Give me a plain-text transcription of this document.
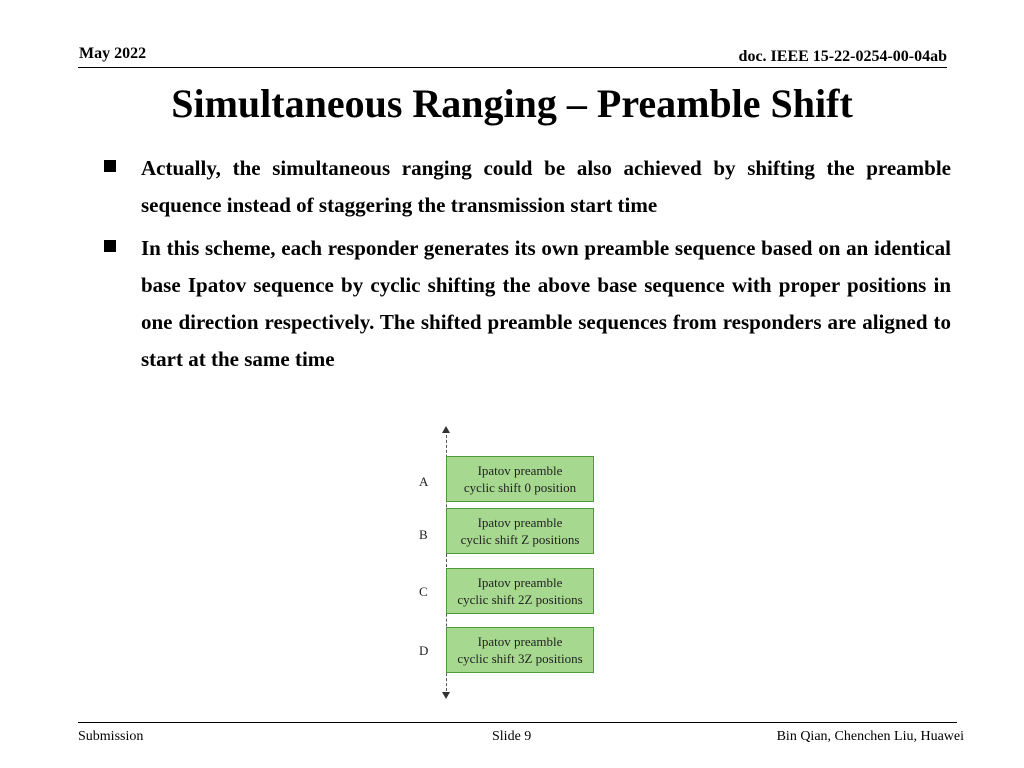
May 2022	doc. IEEE 15-22-0254-00-04ab
Simultaneous Ranging – Preamble Shift
Actually, the simultaneous ranging could be also achieved by shifting the preamble sequence instead of staggering the transmission start time
In this scheme, each responder generates its own preamble sequence based on an identical base Ipatov sequence by cyclic shifting the above base sequence with proper positions in one direction respectively. The shifted preamble sequences from responders are aligned to start at the same time
A
Ipatov preamble
cyclic shift 0 position
B
Ipatov preamble
cyclic shift Z positions
C
Ipatov preamble
cyclic shift 2Z positions
D
Ipatov preamble
cyclic shift 3Z positions
Submission	Slide 9	Bin Qian, Chenchen Liu, Huawei
